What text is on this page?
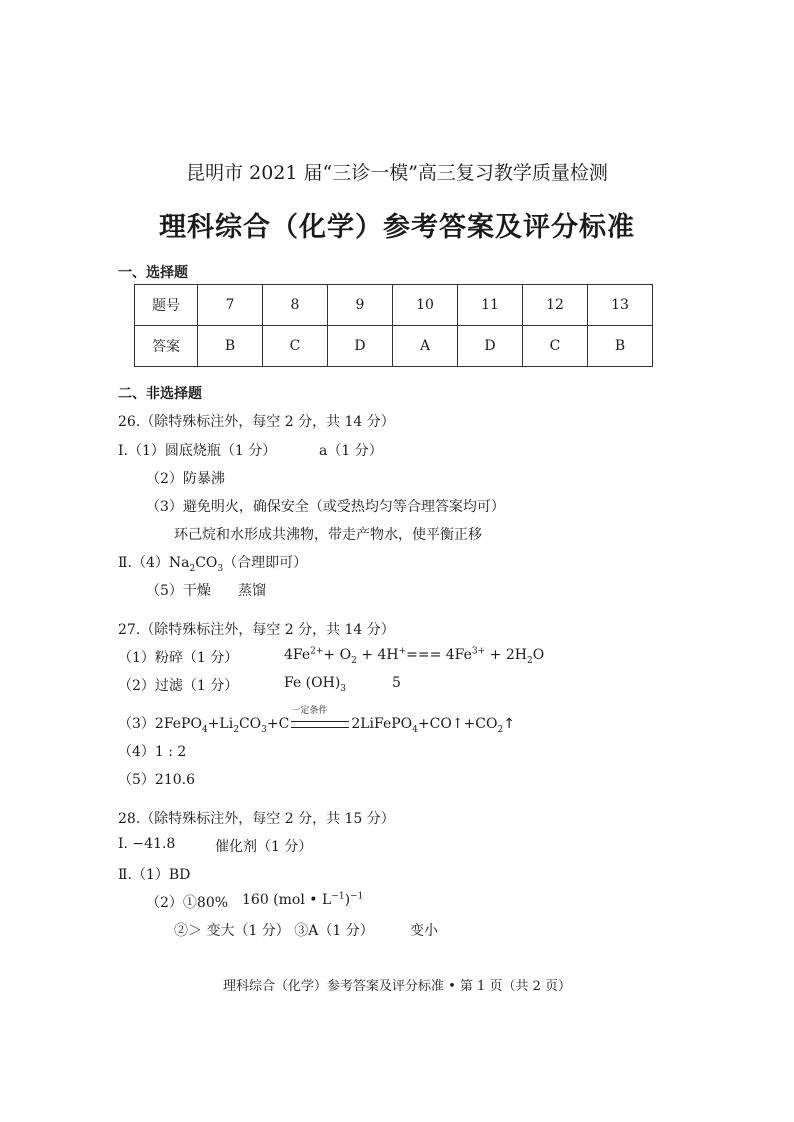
昆明市 2021 届“三诊一模”高三复习教学质量检测
理科综合（化学）参考答案及评分标准
一、选择题
题号	7	8	9	10	11	12	13
答案	B	C	D	A	D	C	B
二、非选择题
26.（除特殊标注外，每空 2 分，共 14 分）
Ⅰ.（1）圆底烧瓶（1 分）	a（1 分）
（2）防暴沸
（3）避免明火，确保安全（或受热均匀等合理答案均可）
环己烷和水形成共沸物，带走产物水，使平衡正移
$Ⅱ.(4)Na_2CO_3$（合理即可）
（5）干燥 蒸馏
27.（除特殊标注外，每空 2 分，共 14 分）
（1）粉碎（1 分）	$4Fe^{2+}+ O_2 + 4H^+=== 4Fe^{3+} + 2H_2O$
（2）过滤（1 分）	Fe $(OH)_3$	5
$(3)2FePO_4+Li_2CO_3+C$
一定条件
$2LiFePO_4+CO↑+CO_2↑$
（4）1 : 2
（5）210.6
28.（除特殊标注外，每空 2 分，共 15 分）
Ⅰ. −41.8	催化剂（1 分）
Ⅱ.（1）BD
（2）①80% 160 (mol • $L^{-1})^{-1}$
②＞ 变大（1 分） ③A（1 分）	变小
理科综合（化学）参考答案及评分标准 • 第 1 页（共 2 页）
